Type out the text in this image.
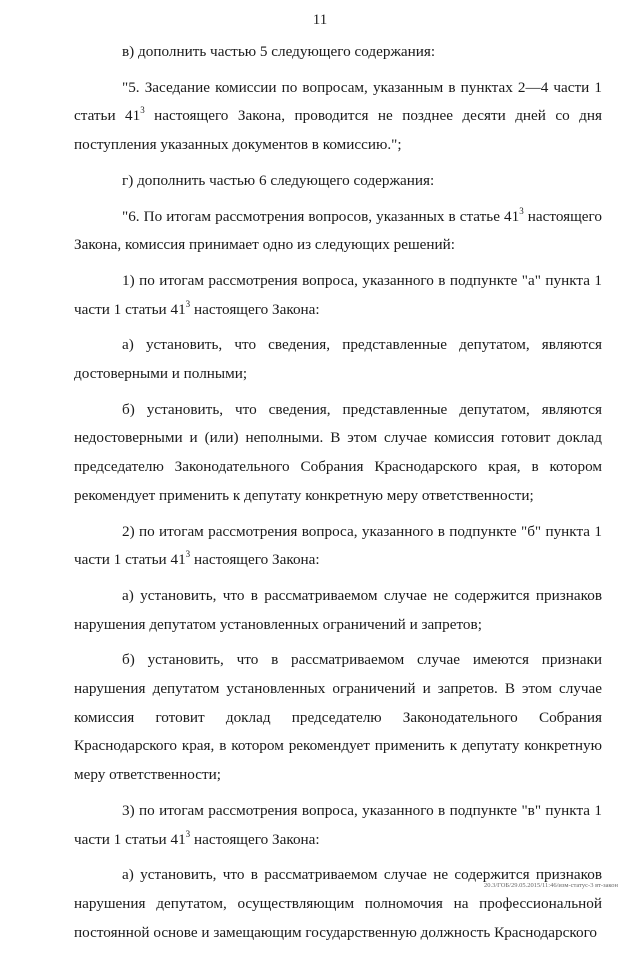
11

в) дополнить частью 5 следующего содержания:

"5. Заседание комиссии по вопросам, указанным в пунктах 2—4 части 1 статьи $41^3$ настоящего Закона, проводится не позднее десяти дней со дня поступления указанных документов в комиссию.";

г) дополнить частью 6 следующего содержания:

"6. По итогам рассмотрения вопросов, указанных в статье $41^3$ настоящего Закона, комиссия принимает одно из следующих решений:

1) по итогам рассмотрения вопроса, указанного в подпункте "а" пункта 1 части 1 статьи $41^3$ настоящего Закона:

а) установить, что сведения, представленные депутатом, являются достоверными и полными;

б) установить, что сведения, представленные депутатом, являются недостоверными и (или) неполными. В этом случае комиссия готовит доклад председателю Законодательного Собрания Краснодарского края, в котором рекомендует применить к депутату конкретную меру ответственности;

2) по итогам рассмотрения вопроса, указанного в подпункте "б" пункта 1 части 1 статьи $41^3$ настоящего Закона:

а) установить, что в рассматриваемом случае не содержится признаков нарушения депутатом установленных ограничений и запретов;

б) установить, что в рассматриваемом случае имеются признаки нарушения депутатом установленных ограничений и запретов. В этом случае комиссия готовит доклад председателю Законодательного Собрания Краснодарского края, в котором рекомендует применить к депутату конкретную меру ответственности;

3) по итогам рассмотрения вопроса, указанного в подпункте "в" пункта 1 части 1 статьи $41^3$ настоящего Закона:

а) установить, что в рассматриваемом случае не содержится признаков нарушения депутатом, осуществляющим полномочия на профессиональной постоянной основе и замещающим государственную должность Краснодарского

20.3/ГОБ/29.05.2015/11:46/изм-статус-3 вт-закон
